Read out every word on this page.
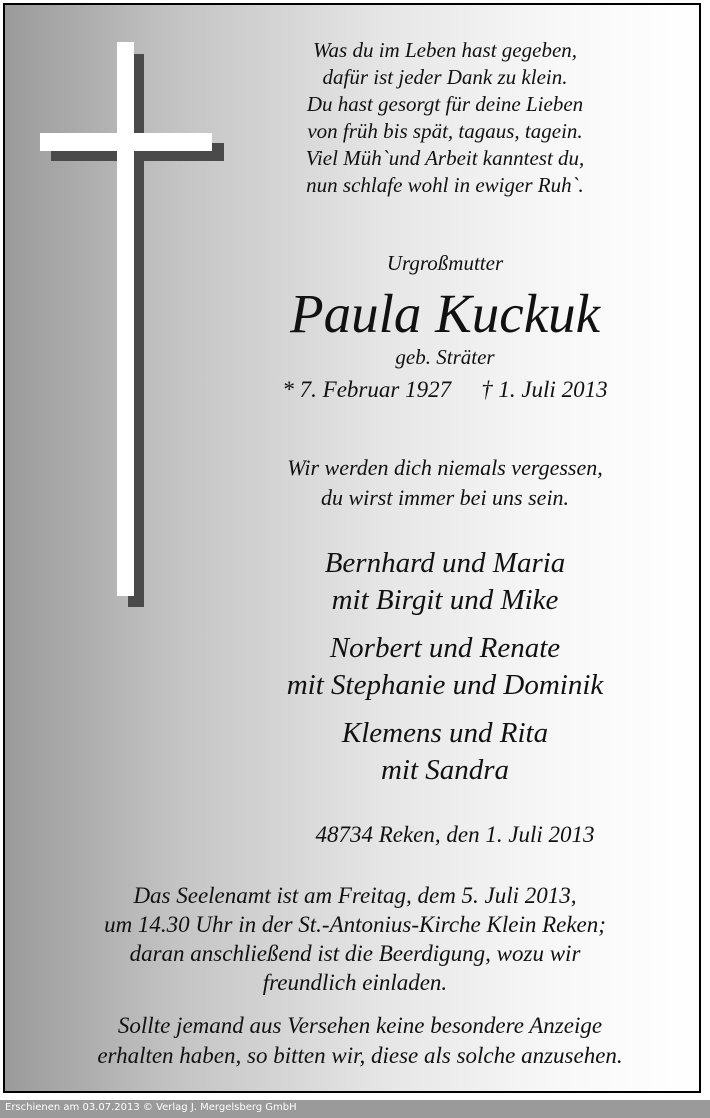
Was du im Leben hast gegeben,
dafür ist jeder Dank zu klein.
Du hast gesorgt für deine Lieben
von früh bis spät, tagaus, tagein.
Viel Müh`und Arbeit kanntest du,
nun schlafe wohl in ewiger Ruh`.
Urgroßmutter
Paula Kuckuk
geb. Sträter
* 7. Februar 1927 † 1. Juli 2013
Wir werden dich niemals vergessen,
du wirst immer bei uns sein.
Bernhard und Maria
mit Birgit und Mike
Norbert und Renate
mit Stephanie und Dominik
Klemens und Rita
mit Sandra
48734 Reken, den 1. Juli 2013
Das Seelenamt ist am Freitag, dem 5. Juli 2013,
um 14.30 Uhr in der St.-Antonius-Kirche Klein Reken;
daran anschließend ist die Beerdigung, wozu wir
freundlich einladen.
Sollte jemand aus Versehen keine besondere Anzeige
erhalten haben, so bitten wir, diese als solche anzusehen.
Erschienen am 03.07.2013 © Verlag J. Mergelsberg GmbH
